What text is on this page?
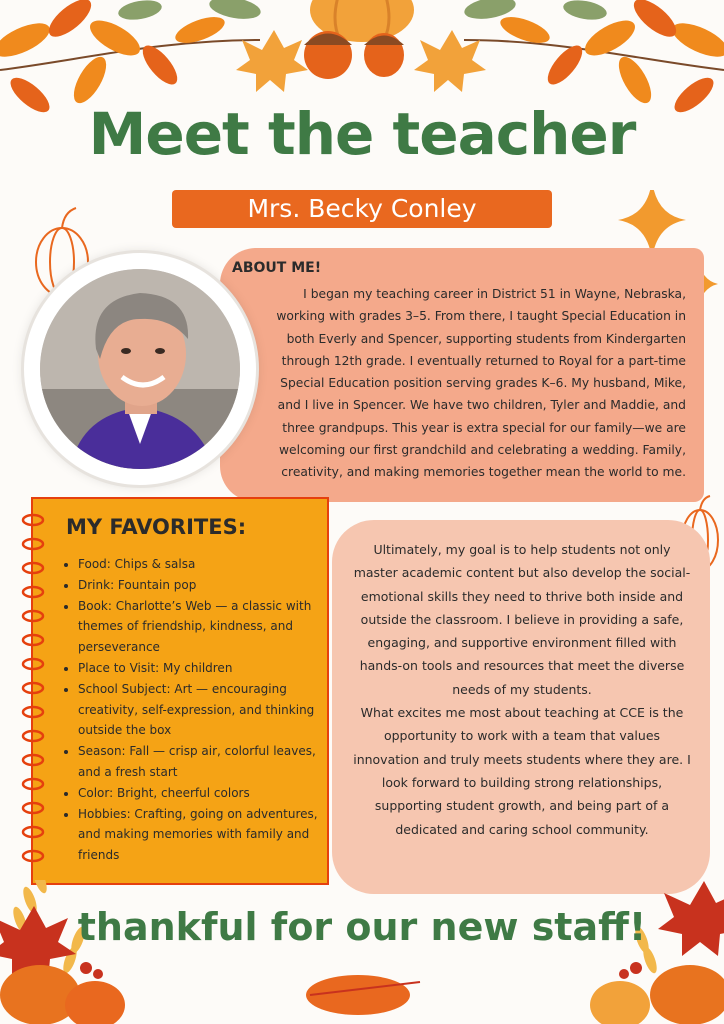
Meet the teacher
Mrs. Becky Conley
ABOUT ME!
I began my teaching career in District 51 in Wayne, Nebraska, working with grades 3–5. From there, I taught Special Education in both Everly and Spencer, supporting students from Kindergarten through 12th grade. I eventually returned to Royal for a part-time Special Education position serving grades K–6. My husband, Mike, and I live in Spencer. We have two children, Tyler and Maddie, and three grandpups. This year is extra special for our family—we are welcoming our first grandchild and celebrating a wedding. Family, creativity, and making memories together mean the world to me.
MY FAVORITES:
• Food: Chips & salsa
• Drink: Fountain pop
• Book: Charlotte’s Web — a classic with themes of friendship, kindness, and perseverance
• Place to Visit: My children
• School Subject: Art — encouraging creativity, self-expression, and thinking outside the box
• Season: Fall — crisp air, colorful leaves, and a fresh start
• Color: Bright, cheerful colors
• Hobbies: Crafting, going on adventures, and making memories with family and friends
Ultimately, my goal is to help students not only master academic content but also develop the social-emotional skills they need to thrive both inside and outside the classroom. I believe in providing a safe, engaging, and supportive environment filled with hands-on tools and resources that meet the diverse needs of my students.
What excites me most about teaching at CCE is the opportunity to work with a team that values innovation and truly meets students where they are. I look forward to building strong relationships, supporting student growth, and being part of a dedicated and caring school community.
thankful for our new staff!
